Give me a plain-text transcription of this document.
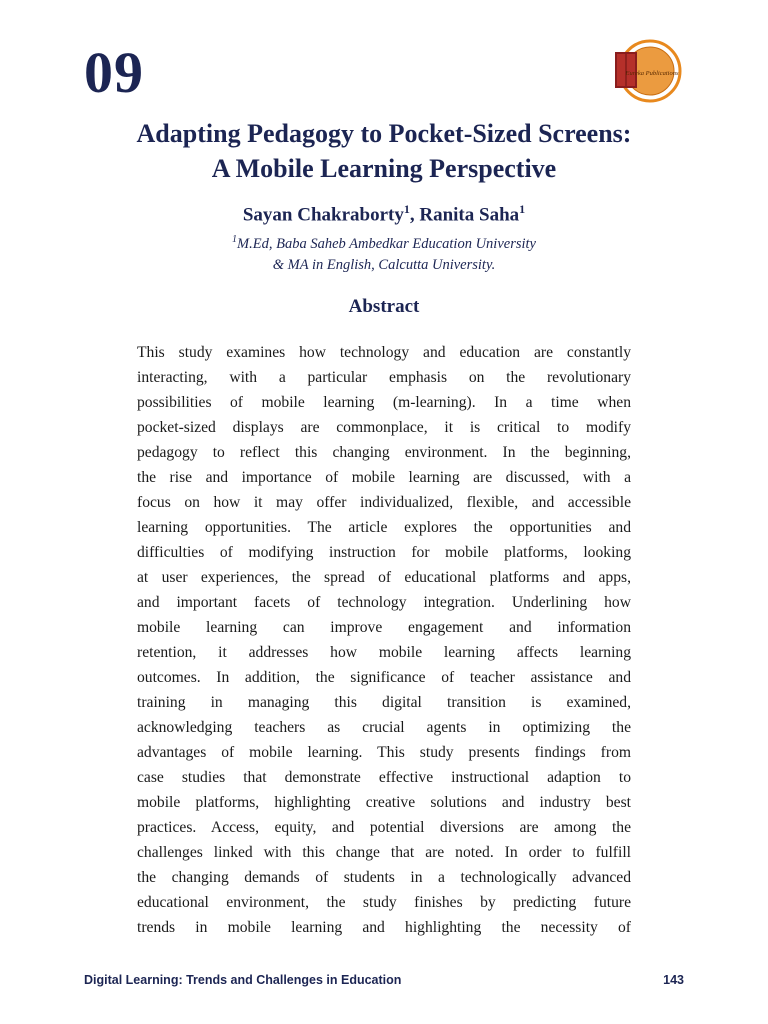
09	Eureka Publications
Adapting Pedagogy to Pocket-Sized Screens:
A Mobile Learning Perspective
Sayan Chakraborty$^1$, Ranita Saha$^1$
$^1$M.Ed, Baba Saheb Ambedkar Education University
& MA in English, Calcutta University.
Abstract
This study examines how technology and education are constantly
interacting, with a particular emphasis on the revolutionary
possibilities of mobile learning (m-learning). In a time when
pocket-sized displays are commonplace, it is critical to modify
pedagogy to reflect this changing environment. In the beginning,
the rise and importance of mobile learning are discussed, with a
focus on how it may offer individualized, flexible, and accessible
learning opportunities. The article explores the opportunities and
difficulties of modifying instruction for mobile platforms, looking
at user experiences, the spread of educational platforms and apps,
and important facets of technology integration. Underlining how
mobile learning can improve engagement and information
retention, it addresses how mobile learning affects learning
outcomes. In addition, the significance of teacher assistance and
training in managing this digital transition is examined,
acknowledging teachers as crucial agents in optimizing the
advantages of mobile learning. This study presents findings from
case studies that demonstrate effective instructional adaption to
mobile platforms, highlighting creative solutions and industry best
practices. Access, equity, and potential diversions are among the
challenges linked with this change that are noted. In order to fulfill
the changing demands of students in a technologically advanced
educational environment, the study finishes by predicting future
trends in mobile learning and highlighting the necessity of
Digital Learning: Trends and Challenges in Education	143
